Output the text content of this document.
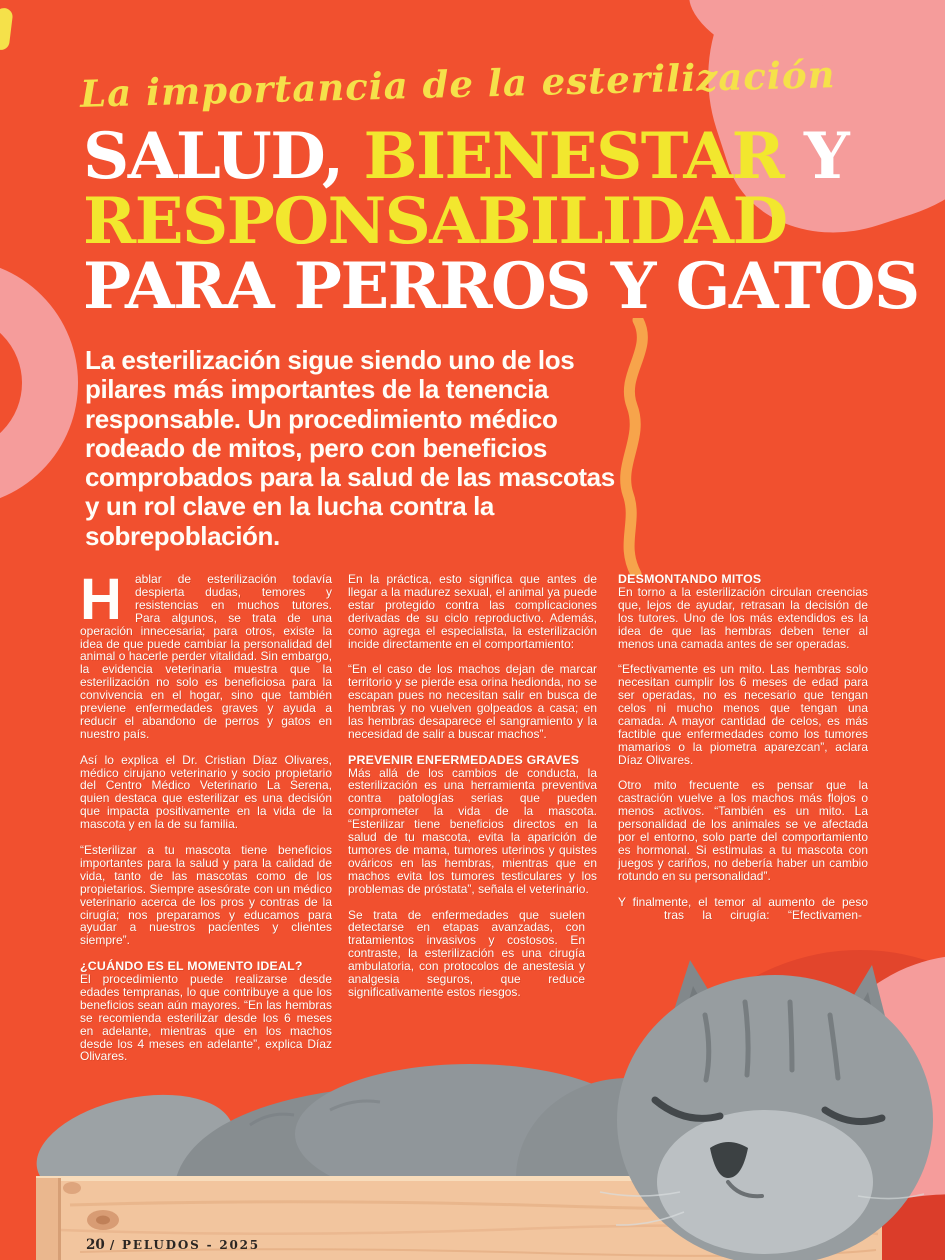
La importancia de la esterilización
SALUD, BIENESTAR Y
RESPONSABILIDAD
PARA PERROS Y GATOS
La esterilización sigue siendo uno de los
pilares más importantes de la tenencia
responsable. Un procedimiento médico
rodeado de mitos, pero con beneficios
comprobados para la salud de las mascotas
y un rol clave en la lucha contra la
sobrepoblación.

H	ablar de esterilización todavía despierta dudas, temores y resistencias en muchos tutores. Para algunos, se trata de una operación innecesaria; para otros, existe la idea de que puede cambiar la personalidad del animal o hacerle perder vitalidad. Sin embargo, la evidencia veterinaria muestra que la esterilización no solo es beneficiosa para la convivencia en el hogar, sino que también previene enfermedades graves y ayuda a reducir el abandono de perros y gatos en nuestro país.

Así lo explica el Dr. Cristian Díaz Olivares, médico cirujano veterinario y socio propietario del Centro Médico Veterinario La Serena, quien destaca que esterilizar es una decisión que impacta positivamente en la vida de la mascota y en la de su familia.

“Esterilizar a tu mascota tiene beneficios importantes para la salud y para la calidad de vida, tanto de las mascotas como de los propietarios. Siempre asesórate con un médico veterinario acerca de los pros y contras de la cirugía; nos preparamos y educamos para ayudar a nuestros pacientes y clientes siempre”.

¿CUÁNDO ES EL MOMENTO IDEAL?

El procedimiento puede realizarse desde edades tempranas, lo que contribuye a que los beneficios sean aún mayores. “En las hembras se recomienda esterilizar desde los 6 meses en adelante, mientras que en los machos desde los 4 meses en adelante”, explica Díaz Olivares.

En la práctica, esto significa que antes de llegar a la madurez sexual, el animal ya puede estar protegido contra las complicaciones derivadas de su ciclo reproductivo. Además, como agrega el especialista, la esterilización incide directamente en el comportamiento:

“En el caso de los machos dejan de marcar territorio y se pierde esa orina hedionda, no se escapan pues no necesitan salir en busca de hembras y no vuelven golpeados a casa; en las hembras desaparece el sangramiento y la necesidad de salir a buscar machos”.

PREVENIR ENFERMEDADES GRAVES

Más allá de los cambios de conducta, la esterilización es una herramienta preventiva contra patologías serias que pueden comprometer la vida de la mascota. “Esterilizar tiene beneficios directos en la salud de tu mascota, evita la aparición de tumores de mama, tumores uterinos y quistes ováricos en las hembras, mientras que en machos evita los tumores testiculares y los problemas de próstata”, señala el veterinario.

Se trata de enfermedades que suelen detectarse en etapas avanzadas, con tratamientos invasivos y costosos. En contraste, la esterilización es una cirugía ambulatoria, con protocolos de anestesia y analgesia seguros, que reduce significativamente estos riesgos.

DESMONTANDO MITOS

En torno a la esterilización circulan creencias que, lejos de ayudar, retrasan la decisión de los tutores. Uno de los más extendidos es la idea de que las hembras deben tener al menos una camada antes de ser operadas.

“Efectivamente es un mito. Las hembras solo necesitan cumplir los 6 meses de edad para ser operadas, no es necesario que tengan celos ni mucho menos que tengan una camada. A mayor cantidad de celos, es más factible que enfermedades como los tumores mamarios o la piometra aparezcan”, aclara Díaz Olivares.

Otro mito frecuente es pensar que la castración vuelve a los machos más flojos o menos activos. “También es un mito. La personalidad de los animales se ve afectada por el entorno, solo parte del comportamiento es hormonal. Si estimulas a tu mascota con juegos y cariños, no debería haber un cambio rotundo en su personalidad”.

Y finalmente, el temor al aumento de peso
tras la cirugía: “Efectivamen-

20 / PELUDOS - 2025
